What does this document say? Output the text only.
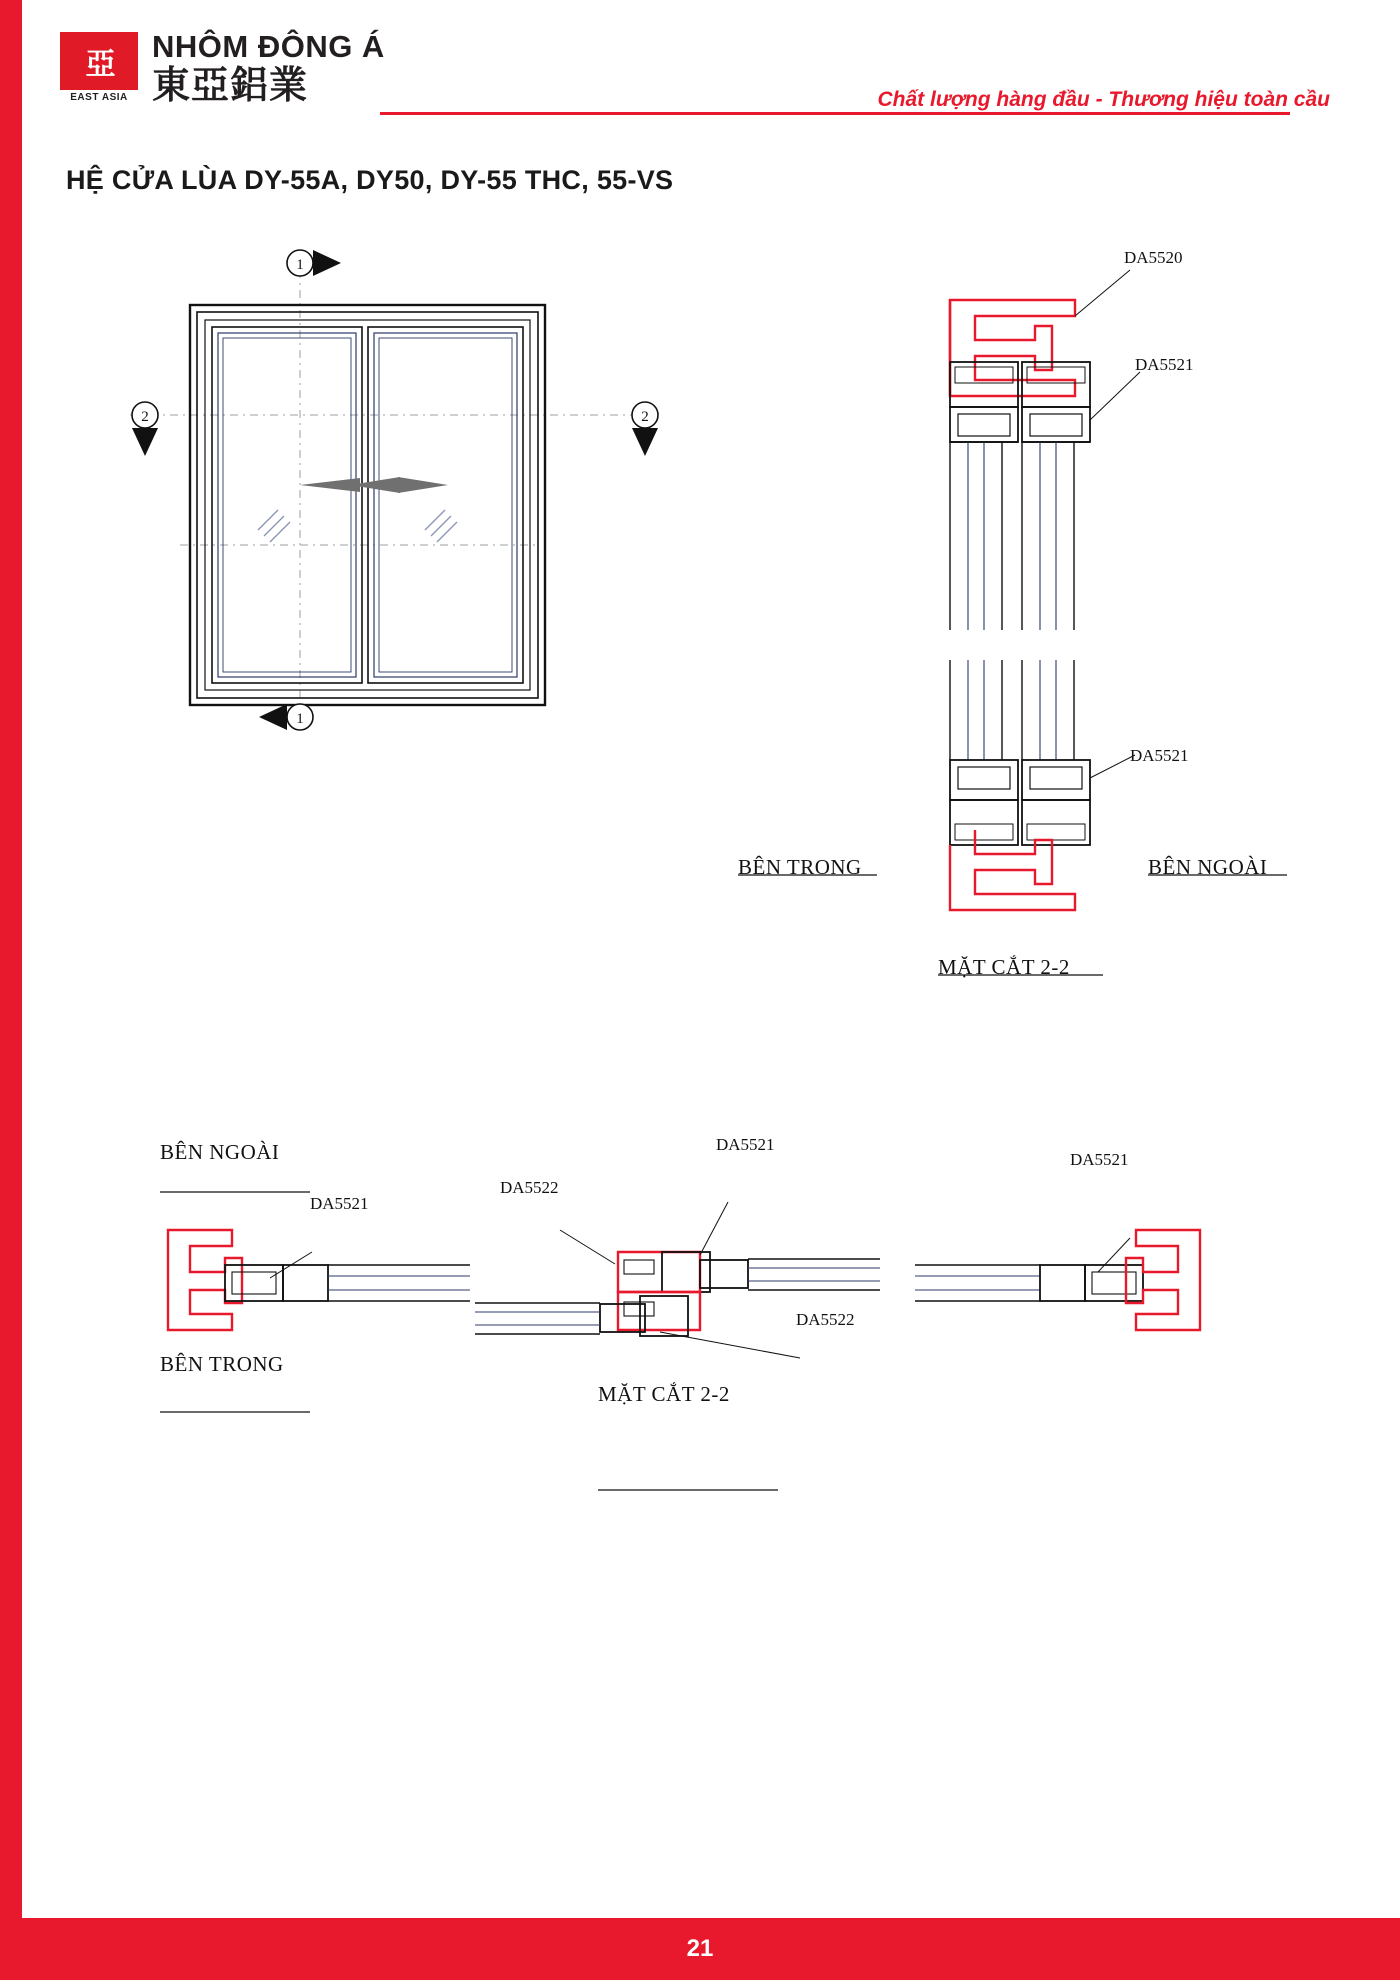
亞
EAST ASIA
NHÔM ĐÔNG Á
東亞鋁業	Chất lượng hàng đầu - Thương hiệu toàn cầu
HỆ CỬA LÙA DY-55A, DY50, DY-55 THC, 55-VS
1
1
2	2
DA5520
DA5521
DA5521
BÊN TRONG	BÊN NGOÀI
MẶT CẮT 2-2
BÊN NGOÀI
BÊN TRONG
DA5521
DA5521
DA5522
DA5522
DA5521
MẶT CẮT 2-2
21
